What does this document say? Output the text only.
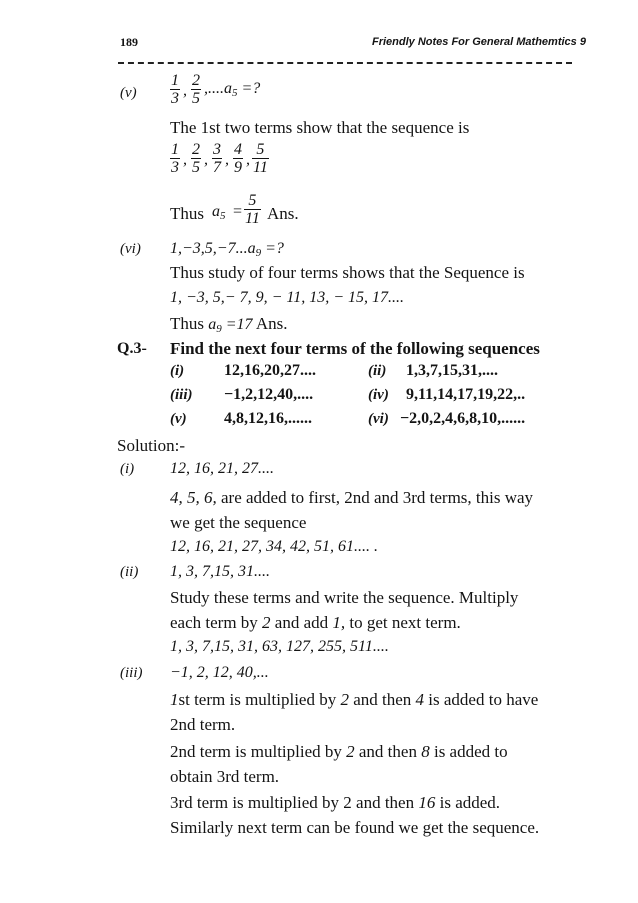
189	Friendly Notes For General Mathemtics 9
$(v) \frac{1}{3}$ , $\frac{2}{5} ,....a_5$ =?
The 1st two terms show that the sequence is
$\frac{1}{3}$ , $\frac{2}{5}$ , $\frac{3}{7}$ , $\frac{4}{9}$ , $\frac{5}{11}$
Thus $a_5 = \frac{5}{11}$ Ans.
(vi) $1,-3,5,-7...a_9$ =?
Thus study of four terms shows that the Sequence is
1, −3, 5,− 7, 9, − 11, 13, − 15, 17....
Thus $a_9 =17$ Ans.
Q.3- Find the next four terms of the following sequences
(i) 12,16,20,27....	(ii) 1,3,7,15,31,....
(iii) −1,2,12,40,....	(iv) 9,11,14,17,19,22,..
(v) 4,8,12,16,......	(vi) −2,0,2,4,6,8,10,......
Solution:-
(i) 12, 16, 21, 27....
4, 5, 6, are added to first, 2nd and 3rd terms, this way
we get the sequence
12, 16, 21, 27, 34, 42, 51, 61.... .
(ii) 1, 3, 7,15, 31....
Study these terms and write the sequence. Multiply
each term by 2 and add 1, to get next term.
1, 3, 7,15, 31, 63, 127, 255, 511....
(iii) −1, 2, 12, 40,...
1st term is multiplied by 2 and then 4 is added to have
2nd term.
2nd term is multiplied by 2 and then 8 is added to
obtain 3rd term.
3rd term is multiplied by 2 and then 16 is added.
Similarly next term can be found we get the sequence.
